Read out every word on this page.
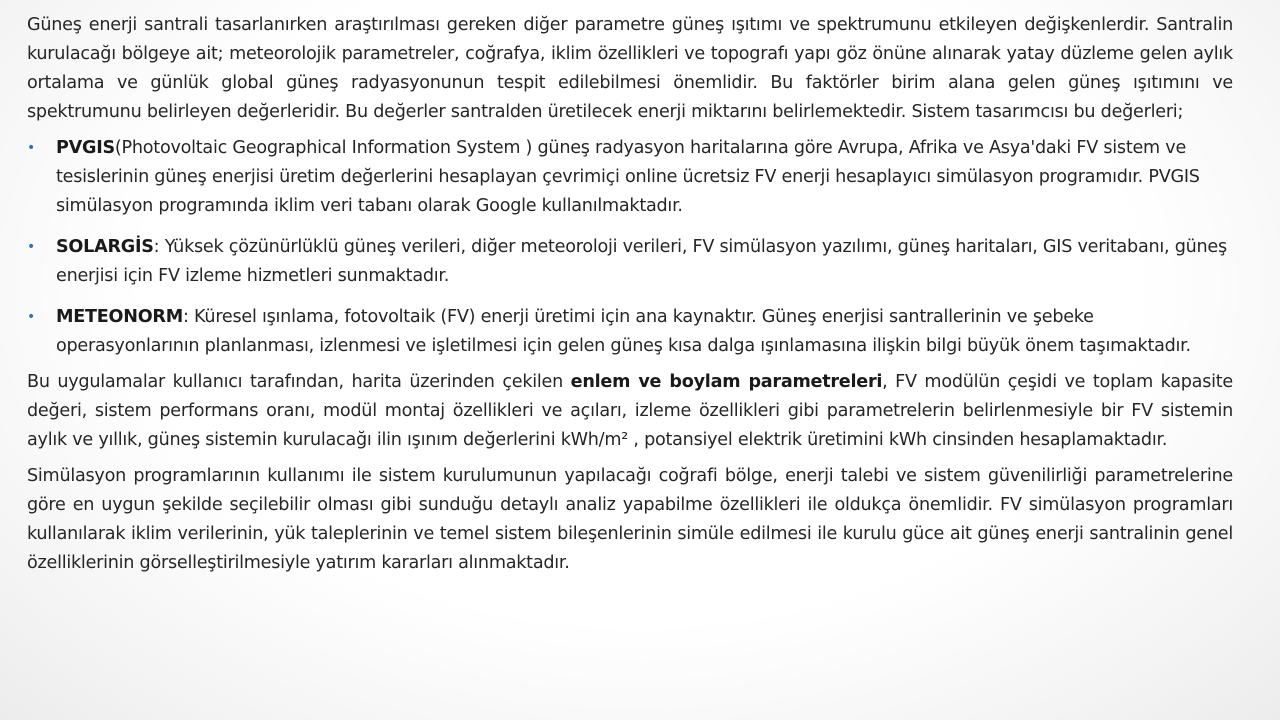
Güneş enerji santrali tasarlanırken araştırılması gereken diğer parametre güneş ışıtımı ve spektrumunu etkileyen değişkenlerdir. Santralin kurulacağı bölgeye ait; meteorolojik parametreler, coğrafya, iklim özellikleri ve topografı yapı göz önüne alınarak yatay düzleme gelen aylık ortalama ve günlük global güneş radyasyonunun tespit edilebilmesi önemlidir. Bu faktörler birim alana gelen güneş ışıtımını ve spektrumunu belirleyen değerleridir. Bu değerler santralden üretilecek enerji miktarını belirlemektedir. Sistem tasarımcısı bu değerleri;

• PVGIS(Photovoltaic Geographical Information System ) güneş radyasyon haritalarına göre Avrupa, Afrika ve Asya'daki FV sistem ve tesislerinin güneş enerjisi üretim değerlerini hesaplayan çevrimiçi online ücretsiz FV enerji hesaplayıcı simülasyon programıdır. PVGIS simülasyon programında iklim veri tabanı olarak Google kullanılmaktadır.
• SOLARGİS: Yüksek çözünürlüklü güneş verileri, diğer meteoroloji verileri, FV simülasyon yazılımı, güneş haritaları, GIS veritabanı, güneş enerjisi için FV izleme hizmetleri sunmaktadır.
• METEONORM: Küresel ışınlama, fotovoltaik (FV) enerji üretimi için ana kaynaktır. Güneş enerjisi santrallerinin ve şebeke operasyonlarının planlanması, izlenmesi ve işletilmesi için gelen güneş kısa dalga ışınlamasına ilişkin bilgi büyük önem taşımaktadır.

Bu uygulamalar kullanıcı tarafından, harita üzerinden çekilen enlem ve boylam parametreleri, FV modülün çeşidi ve toplam kapasite değeri, sistem performans oranı, modül montaj özellikleri ve açıları, izleme özellikleri gibi parametrelerin belirlenmesiyle bir FV sistemin aylık ve yıllık, güneş sistemin kurulacağı ilin ışınım değerlerini kWh/m² , potansiyel elektrik üretimini kWh cinsinden hesaplamaktadır.

Simülasyon programlarının kullanımı ile sistem kurulumunun yapılacağı coğrafi bölge, enerji talebi ve sistem güvenilirliği parametrelerine göre en uygun şekilde seçilebilir olması gibi sunduğu detaylı analiz yapabilme özellikleri ile oldukça önemlidir. FV simülasyon programları kullanılarak iklim verilerinin, yük taleplerinin ve temel sistem bileşenlerinin simüle edilmesi ile kurulu güce ait güneş enerji santralinin genel özelliklerinin görselleştirilmesiyle yatırım kararları alınmaktadır.
